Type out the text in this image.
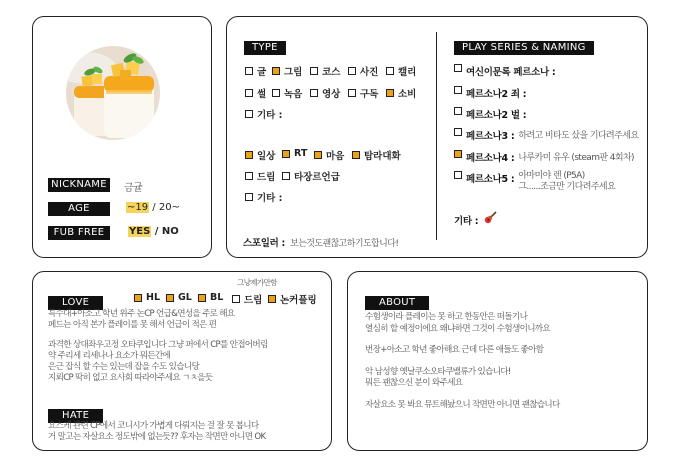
NICKNAME	금귤
AGE	~19 / 20~
FUB FREE	YES / NO
TYPE
글 그림 코스 사진 캘리
썰 녹음 영상 구독 소비
기타 :
일상 RT 마음 탐라대화
드림 타장르언급
기타 :
스포일러 : 보는것도괜찮고하기도합니다!
PLAY SERIES & NAMING
여신이문록 페르소나 :
페르소나2 죄 :
페르소나2 벌 :
페르소나3 : 하려고 비타도 샀을 기다려주세요
페르소나4 : 나루카미 유우 (steam판 4회차)
페르소나5 : 아마미야 렌 (P5A)
그......조금만 기다려주세요
기타 :
그냥제가만함
LOVE	HL GL BL 드림 논커플링
특수대+아소고 학년 위주 논CP 언급&연성을 주로 해요
페드는 아직 본가 플레이를 못 해서 언급이 적은 편
과격한 상대좌우고정 오타쿠입니다 그냥 퍼에서 CP를 안접어버림
약 주리세 리세나나 요소가 뭐든간에
은근 잡식 할 수는 있는데 잡을 수도 있습니당
지뢰CP 딱히 없고 요사회 따라야주세요 ㄱㅊ을듯
HATE
요스케 관련 CP에서 코니시가 가볍게 다뤄지는 걸 잘 못 봅니다
거 말고는 자살요소 정도밖에 없는듯?? 후자는 작면만 아니면 OK
ABOUT
수험생이라 플레이는 못 하고 한동안은 떠돌기나
열심히 할 예정이에요 왜냐하면 그것이 수험생이니까요
번장+아소고 학년 좋아해요 근데 다른 애들도 좋아함
악 남성향 옛날쿠소오타쿠밸류가 있습니다!
뭐든 괜찮으신 분이 와주세요
자살요소 못 봐요 뮤트해놨으니 작면만 아니면 괜찮습니다
